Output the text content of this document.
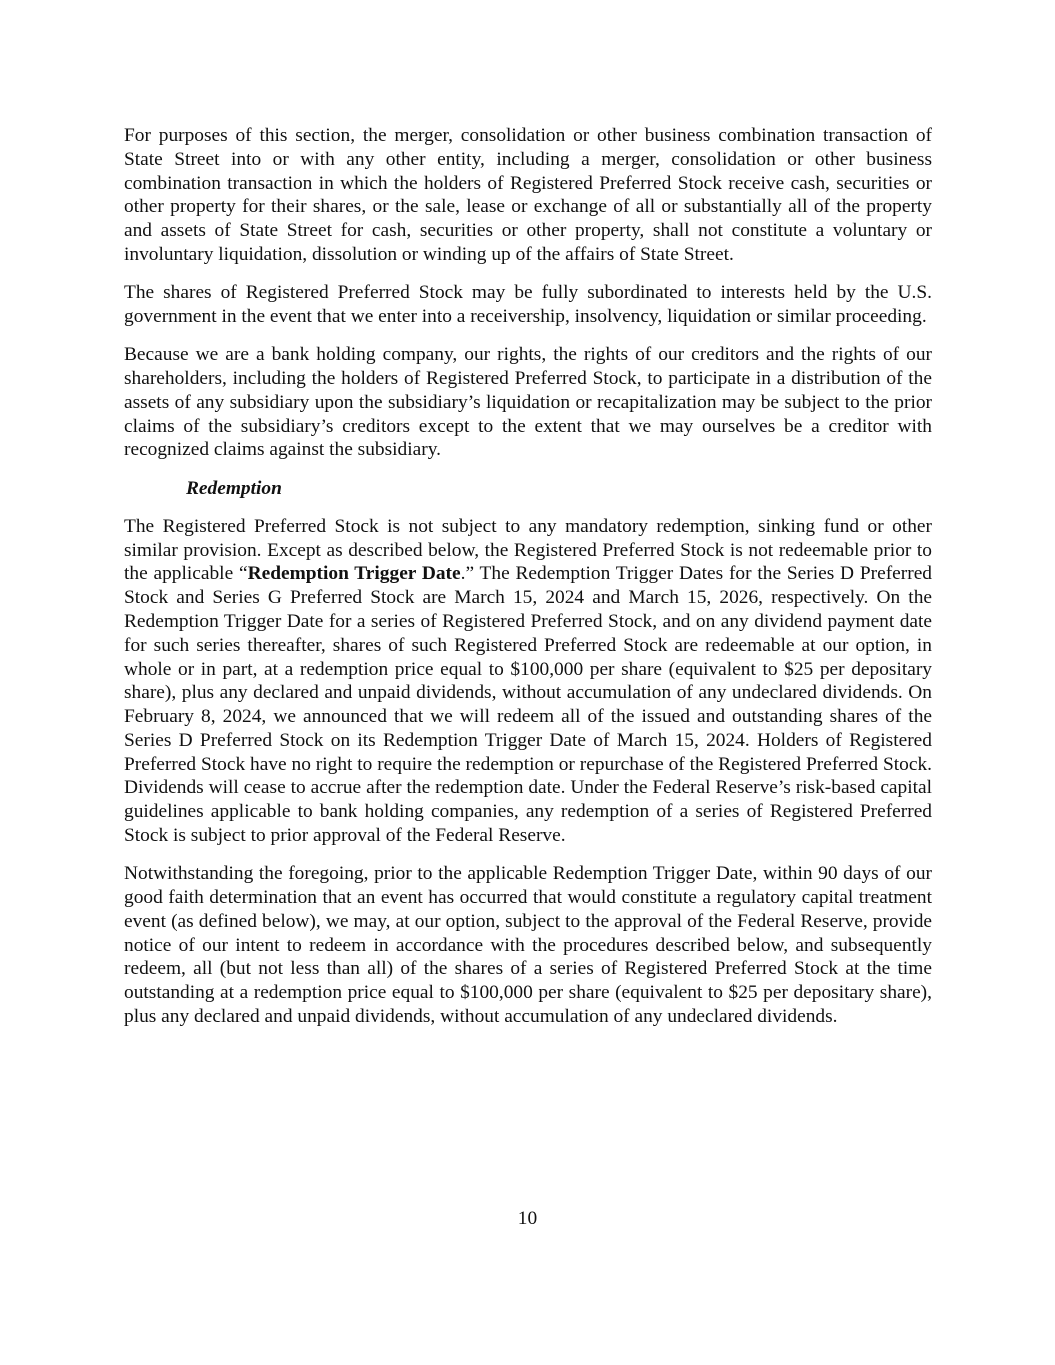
For purposes of this section, the merger, consolidation or other business combination transaction of State Street into or with any other entity, including a merger, consolidation or other business combination transaction in which the holders of Registered Preferred Stock receive cash, securities or other property for their shares, or the sale, lease or exchange of all or substantially all of the property and assets of State Street for cash, securities or other property, shall not constitute a voluntary or involuntary liquidation, dissolution or winding up of the affairs of State Street.

The shares of Registered Preferred Stock may be fully subordinated to interests held by the U.S. government in the event that we enter into a receivership, insolvency, liquidation or similar proceeding.

Because we are a bank holding company, our rights, the rights of our creditors and the rights of our shareholders, including the holders of Registered Preferred Stock, to participate in a distribution of the assets of any subsidiary upon the subsidiary’s liquidation or recapitalization may be subject to the prior claims of the subsidiary’s creditors except to the extent that we may ourselves be a creditor with recognized claims against the subsidiary.

Redemption

The Registered Preferred Stock is not subject to any mandatory redemption, sinking fund or other similar provision. Except as described below, the Registered Preferred Stock is not redeemable prior to the applicable “Redemption Trigger Date.” The Redemption Trigger Dates for the Series D Preferred Stock and Series G Preferred Stock are March 15, 2024 and March 15, 2026, respectively. On the Redemption Trigger Date for a series of Registered Preferred Stock, and on any dividend payment date for such series thereafter, shares of such Registered Preferred Stock are redeemable at our option, in whole or in part, at a redemption price equal to $100,000 per share (equivalent to $25 per depositary share), plus any declared and unpaid dividends, without accumulation of any undeclared dividends. On February 8, 2024, we announced that we will redeem all of the issued and outstanding shares of the Series D Preferred Stock on its Redemption Trigger Date of March 15, 2024. Holders of Registered Preferred Stock have no right to require the redemption or repurchase of the Registered Preferred Stock. Dividends will cease to accrue after the redemption date. Under the Federal Reserve’s risk-based capital guidelines applicable to bank holding companies, any redemption of a series of Registered Preferred Stock is subject to prior approval of the Federal Reserve.

Notwithstanding the foregoing, prior to the applicable Redemption Trigger Date, within 90 days of our good faith determination that an event has occurred that would constitute a regulatory capital treatment event (as defined below), we may, at our option, subject to the approval of the Federal Reserve, provide notice of our intent to redeem in accordance with the procedures described below, and subsequently redeem, all (but not less than all) of the shares of a series of Registered Preferred Stock at the time outstanding at a redemption price equal to $100,000 per share (equivalent to $25 per depositary share), plus any declared and unpaid dividends, without accumulation of any undeclared dividends.

10
